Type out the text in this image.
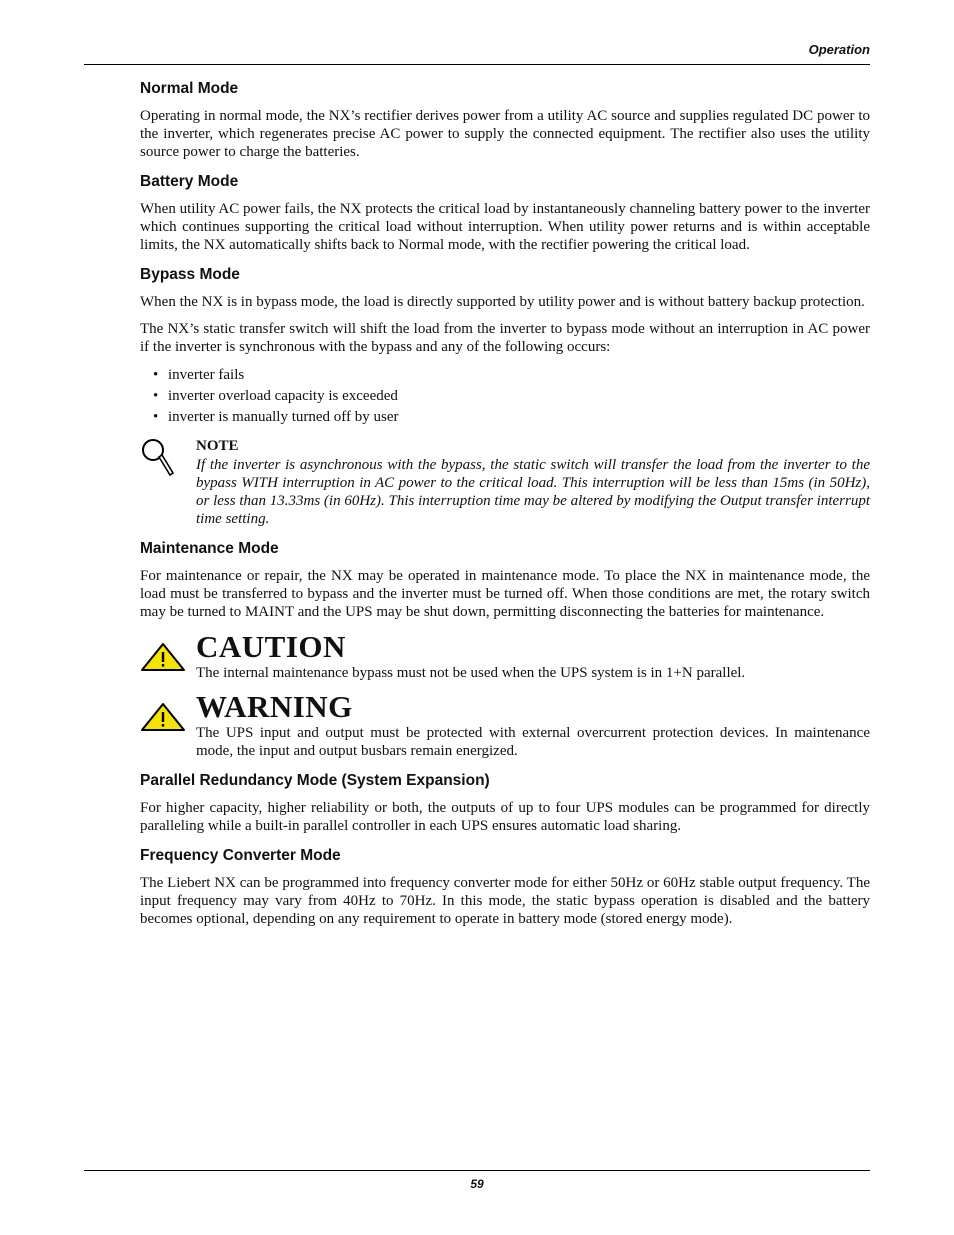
Operation
Normal Mode

Operating in normal mode, the NX’s rectifier derives power from a utility AC source and supplies regulated DC power to the inverter, which regenerates precise AC power to supply the connected equipment. The rectifier also uses the utility source power to charge the batteries.

Battery Mode

When utility AC power fails, the NX protects the critical load by instantaneously channeling battery power to the inverter which continues supporting the critical load without interruption. When utility power returns and is within acceptable limits, the NX automatically shifts back to Normal mode, with the rectifier powering the critical load.

Bypass Mode

When the NX is in bypass mode, the load is directly supported by utility power and is without battery backup protection.

The NX’s static transfer switch will shift the load from the inverter to bypass mode without an interruption in AC power if the inverter is synchronous with the bypass and any of the following occurs:

• inverter fails
• inverter overload capacity is exceeded
• inverter is manually turned off by user
NOTE
If the inverter is asynchronous with the bypass, the static switch will transfer the load from the inverter to the bypass WITH interruption in AC power to the critical load. This interruption will be less than 15ms (in 50Hz), or less than 13.33ms (in 60Hz). This interruption time may be altered by modifying the Output transfer interrupt time setting.
Maintenance Mode

For maintenance or repair, the NX may be operated in maintenance mode. To place the NX in maintenance mode, the load must be transferred to bypass and the inverter must be turned off. When those conditions are met, the rotary switch may be turned to MAINT and the UPS may be shut down, permitting disconnecting the batteries for maintenance.

CAUTION
The internal maintenance bypass must not be used when the UPS system is in 1+N parallel.
WARNING
The UPS input and output must be protected with external overcurrent protection devices. In maintenance mode, the input and output busbars remain energized.
Parallel Redundancy Mode (System Expansion)

For higher capacity, higher reliability or both, the outputs of up to four UPS modules can be programmed for directly paralleling while a built-in parallel controller in each UPS ensures automatic load sharing.

Frequency Converter Mode

The Liebert NX can be programmed into frequency converter mode for either 50Hz or 60Hz stable output frequency. The input frequency may vary from 40Hz to 70Hz. In this mode, the static bypass operation is disabled and the battery becomes optional, depending on any requirement to operate in battery mode (stored energy mode).

59
